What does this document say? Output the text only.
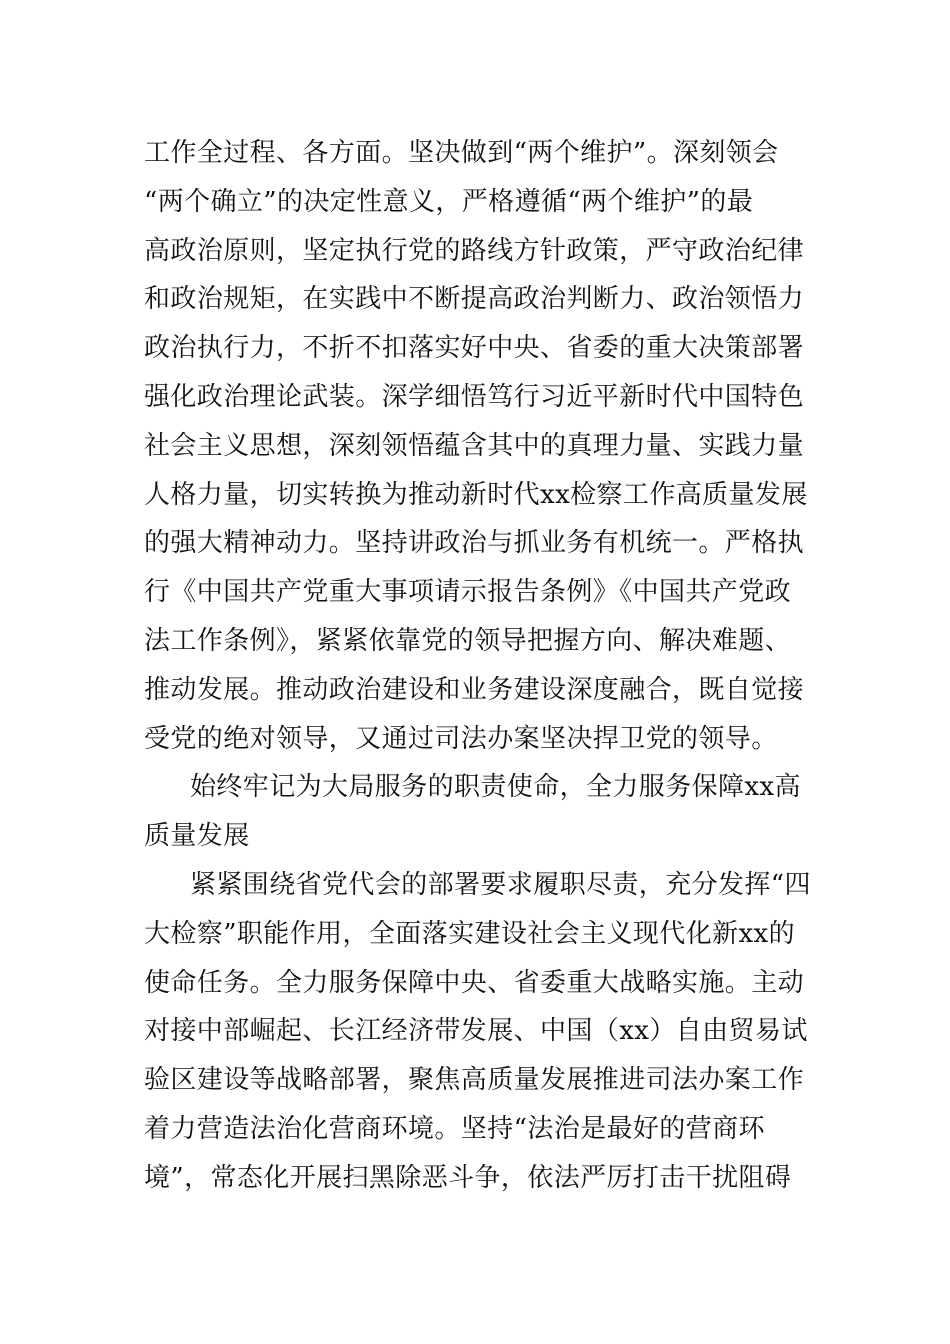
工作全过程、各方面。坚决做到“两个维护”。深刻领会
“两个确立”的决定性意义，严格遵循“两个维护”的最
高政治原则，坚定执行党的路线方针政策，严守政治纪律
和政治规矩，在实践中不断提高政治判断力、政治领悟力
政治执行力，不折不扣落实好中央、省委的重大决策部署
强化政治理论武装。深学细悟笃行习近平新时代中国特色
社会主义思想，深刻领悟蕴含其中的真理力量、实践力量
人格力量，切实转换为推动新时代xx检察工作高质量发展
的强大精神动力。坚持讲政治与抓业务有机统一。严格执
行《中国共产党重大事项请示报告条例》《中国共产党政
法工作条例》，紧紧依靠党的领导把握方向、解决难题、
推动发展。推动政治建设和业务建设深度融合，既自觉接
受党的绝对领导，又通过司法办案坚决捍卫党的领导。
始终牢记为大局服务的职责使命，全力服务保障xx高
质量发展
紧紧围绕省党代会的部署要求履职尽责，充分发挥“四
大检察”职能作用，全面落实建设社会主义现代化新xx的
使命任务。全力服务保障中央、省委重大战略实施。主动
对接中部崛起、长江经济带发展、中国（xx）自由贸易试
验区建设等战略部署，聚焦高质量发展推进司法办案工作
着力营造法治化营商环境。坚持“法治是最好的营商环
境”，常态化开展扫黑除恶斗争，依法严厉打击干扰阻碍
